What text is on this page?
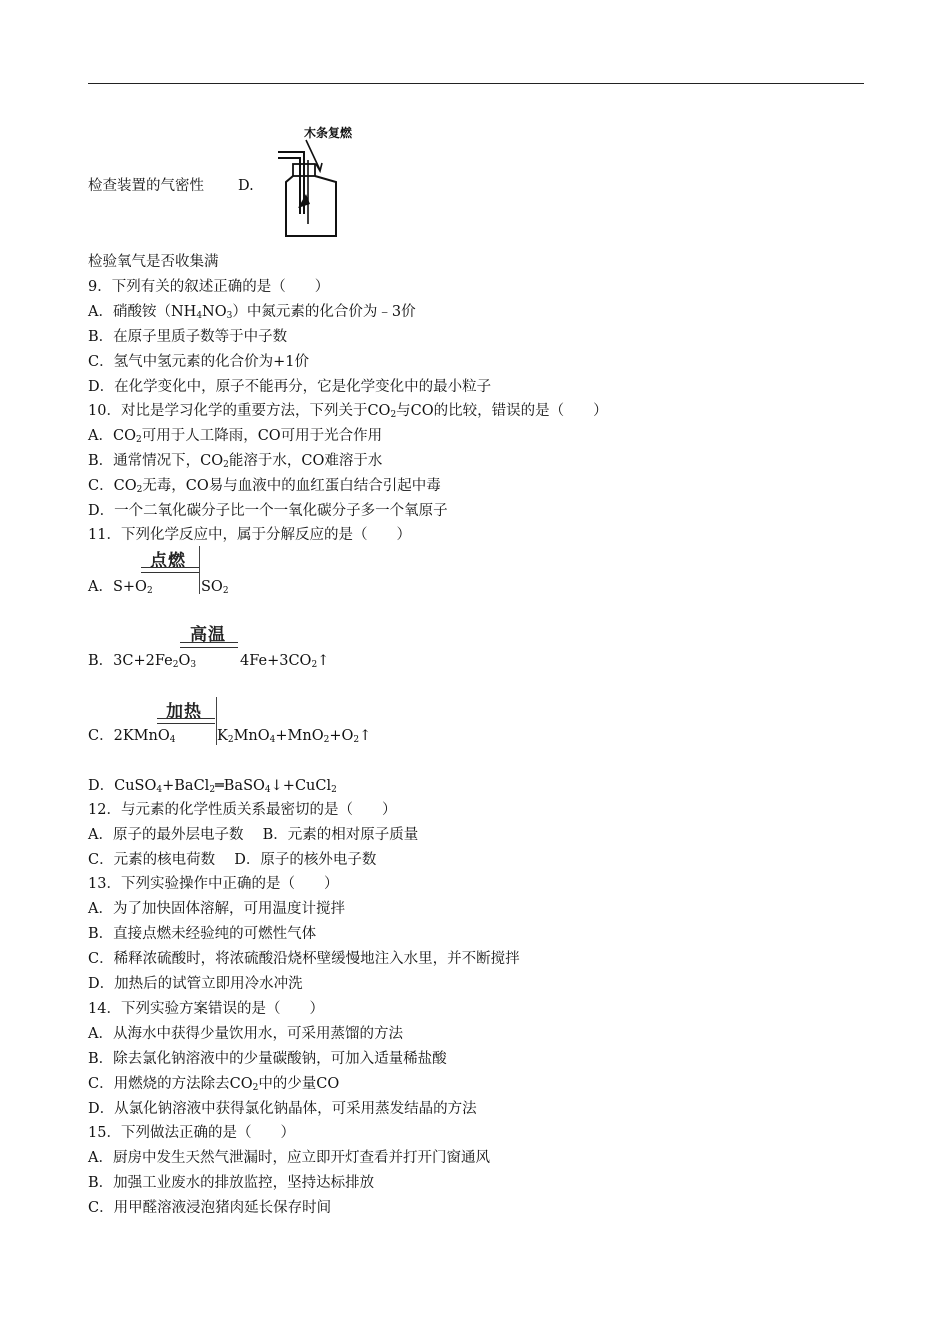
检查装置的气密性 D.
木条复燃
检验氧气是否收集满
9．下列有关的叙述正确的是（　　）
A．硝酸铵$(NH_4NO_3)$中氮元素的化合价为﹣3价
B．在原子里质子数等于中子数
C．氢气中氢元素的化合价为+1价
D．在化学变化中，原子不能再分，它是化学变化中的最小粒子
10．对比是学习化学的重要方法，下列关于$CO_2$与CO的比较，错误的是（　　）
A．$CO_2$可用于人工降雨，CO可用于光合作用
B．通常情况下，$CO_2$能溶于水，CO难溶于水
C．$CO_2$无毒，CO易与血液中的血红蛋白结合引起中毒
D．一个二氧化碳分子比一个一氧化碳分子多一个氧原子
11．下列化学反应中，属于分解反应的是（　　）
点燃
A．$S+O_2$	$SO_2$
高温
B．$3C+2Fe_2O_3$	$4Fe+3CO_2↑$
加热
C．2KMnO$_4$	$K_2MnO_4+MnO_2+O_2↑$
D．CuSO$_4$+BaCl$_2$═BaSO$_4$↓+CuCl$_2$
12．与元素的化学性质关系最密切的是（　　）
A．原子的最外层电子数　 B．元素的相对原子质量
C．元素的核电荷数　 D．原子的核外电子数
13．下列实验操作中正确的是（　　）
A．为了加快固体溶解，可用温度计搅拌
B．直接点燃未经验纯的可燃性气体
C．稀释浓硫酸时，将浓硫酸沿烧杯壁缓慢地注入水里，并不断搅拌
D．加热后的试管立即用冷水冲洗
14．下列实验方案错误的是（　　）
A．从海水中获得少量饮用水，可采用蒸馏的方法
B．除去氯化钠溶液中的少量碳酸钠，可加入适量稀盐酸
C．用燃烧的方法除去$CO_2$中的少量CO
D．从氯化钠溶液中获得氯化钠晶体，可采用蒸发结晶的方法
15．下列做法正确的是（　　）
A．厨房中发生天然气泄漏时，应立即开灯查看并打开门窗通风
B．加强工业废水的排放监控，坚持达标排放
C．用甲醛溶液浸泡猪肉延长保存时间
